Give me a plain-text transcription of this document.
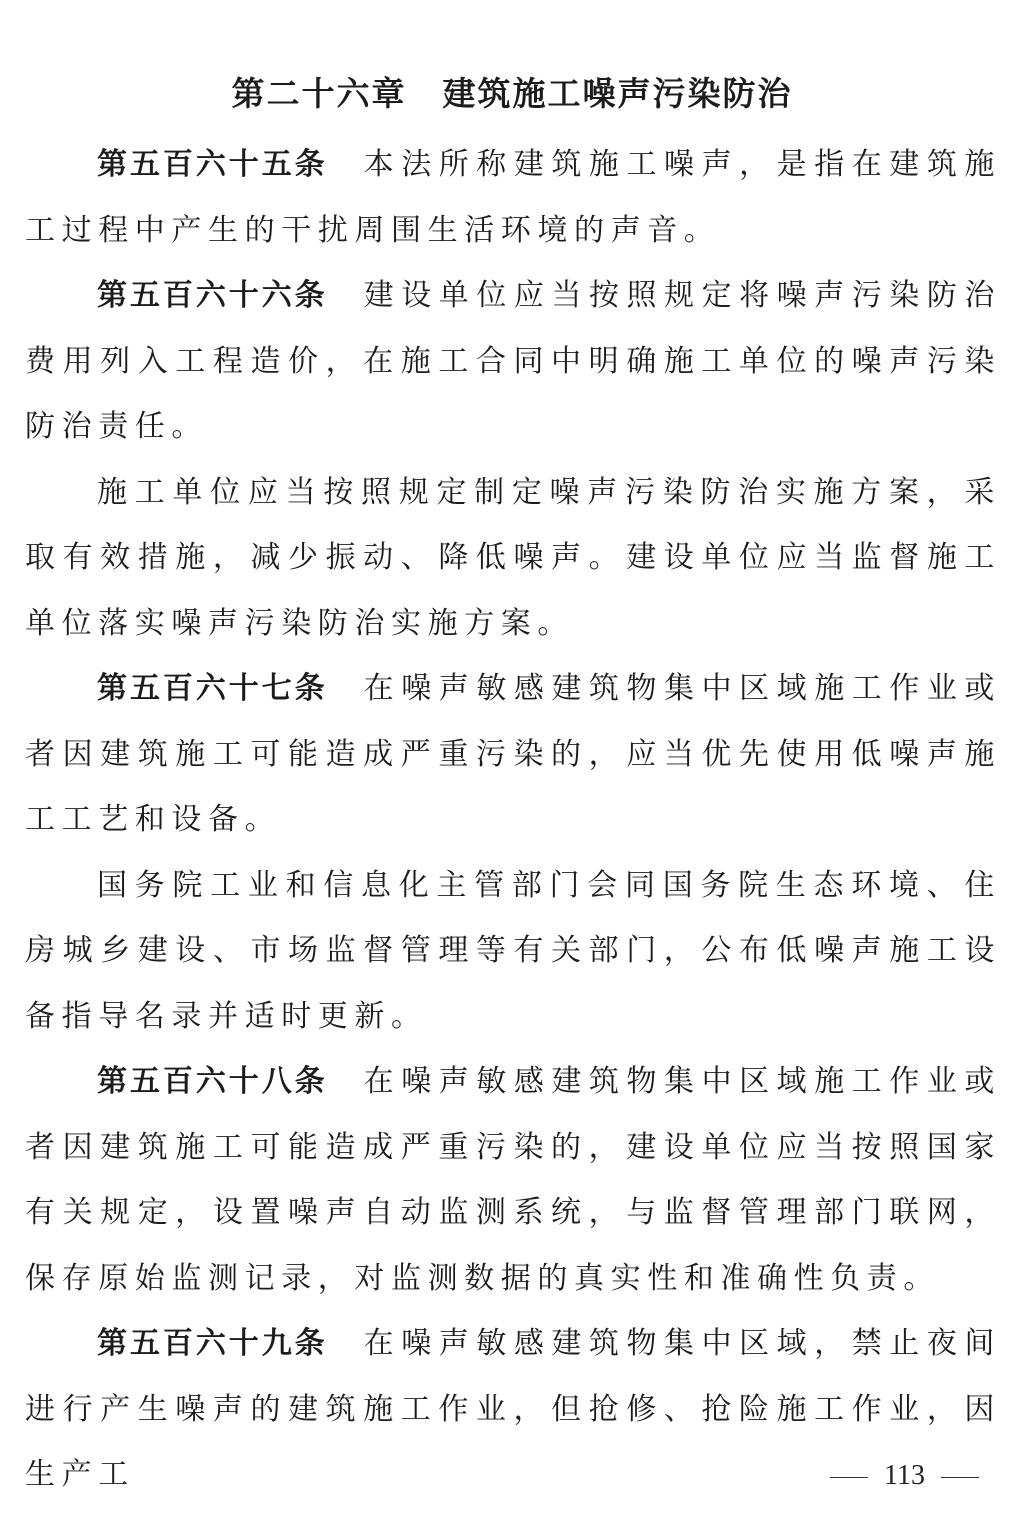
第二十六章 建筑施工噪声污染防治

第五百六十五条 本法所称建筑施工噪声，是指在建筑施工过程中产生的干扰周围生活环境的声音。

第五百六十六条 建设单位应当按照规定将噪声污染防治费用列入工程造价，在施工合同中明确施工单位的噪声污染防治责任。

施工单位应当按照规定制定噪声污染防治实施方案，采取有效措施，减少振动、降低噪声。建设单位应当监督施工单位落实噪声污染防治实施方案。

第五百六十七条 在噪声敏感建筑物集中区域施工作业或者因建筑施工可能造成严重污染的，应当优先使用低噪声施工工艺和设备。

国务院工业和信息化主管部门会同国务院生态环境、住房城乡建设、市场监督管理等有关部门，公布低噪声施工设备指导名录并适时更新。

第五百六十八条 在噪声敏感建筑物集中区域施工作业或者因建筑施工可能造成严重污染的，建设单位应当按照国家有关规定，设置噪声自动监测系统，与监督管理部门联网，保存原始监测记录，对监测数据的真实性和准确性负责。

第五百六十九条 在噪声敏感建筑物集中区域，禁止夜间进行产生噪声的建筑施工作业，但抢修、抢险施工作业，因生产工	113
